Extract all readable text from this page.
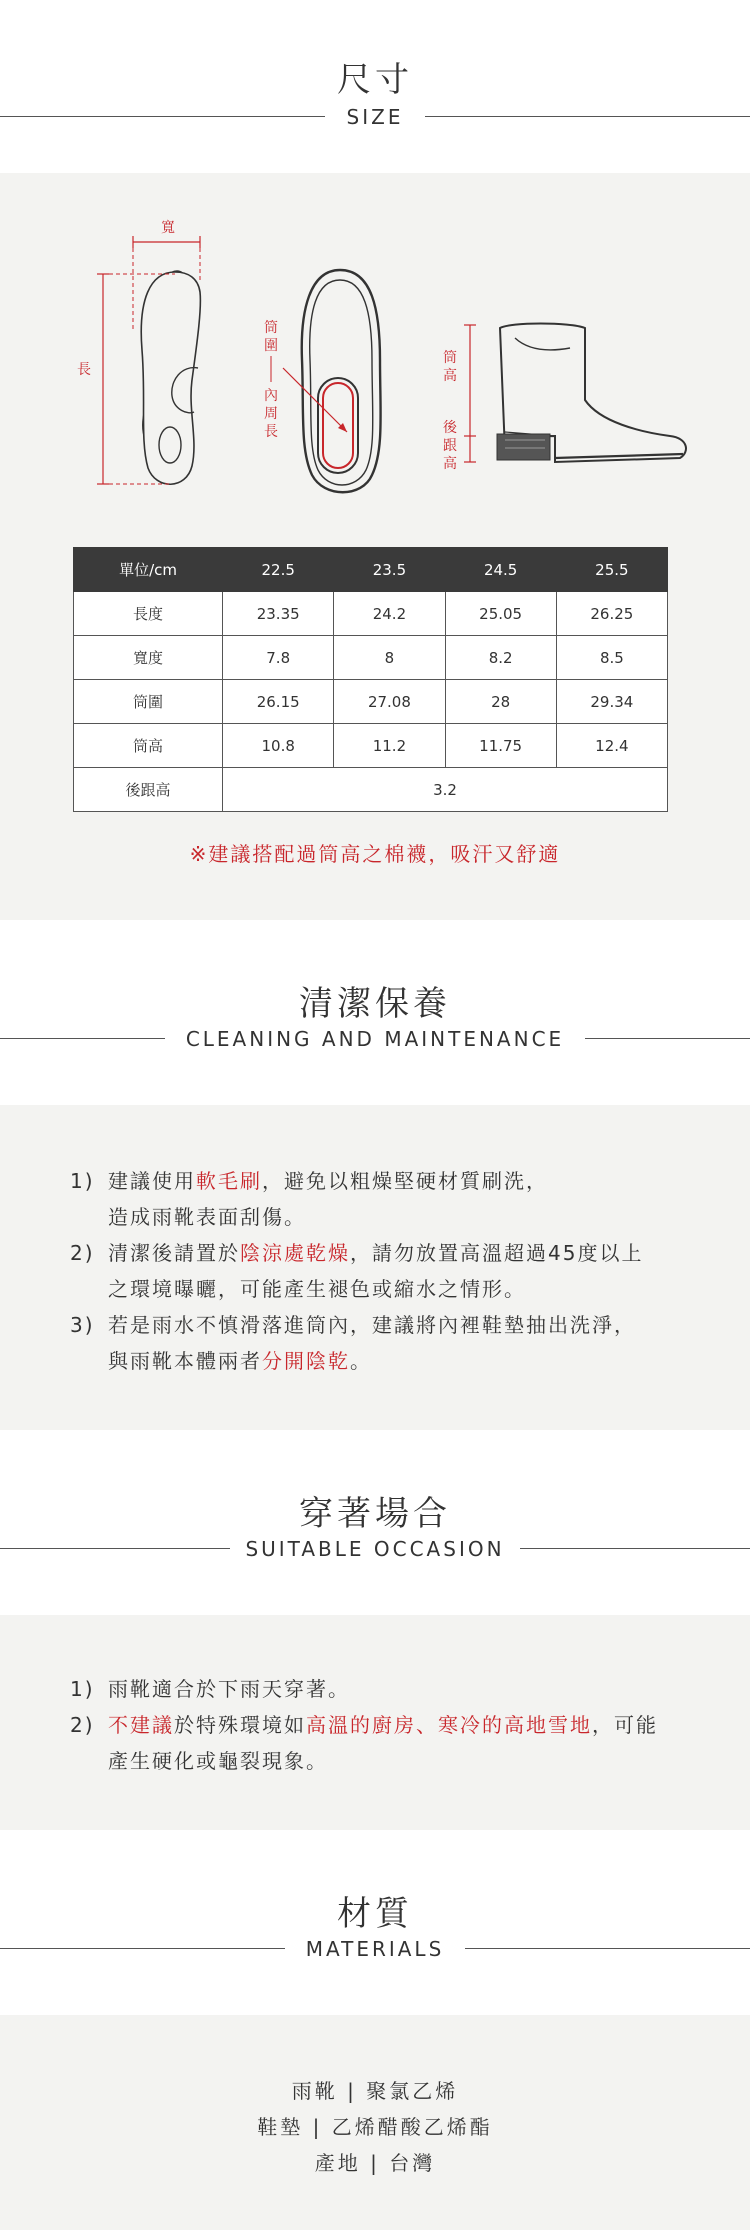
尺寸
SIZE
寬
長
筒圍
內周長
筒高
後跟高
單位/cm	22.5	23.5	24.5	25.5
長度	23.35	24.2	25.05	26.25
寬度	7.8	8	8.2	8.5
筒圍	26.15	27.08	28	29.34
筒高	10.8	11.2	11.75	12.4
後跟高	3.2			
※建議搭配過筒高之棉襪，吸汗又舒適
清潔保養
CLEANING AND MAINTENANCE
1) 建議使用軟毛刷，避免以粗燥堅硬材質刷洗，
造成雨靴表面刮傷。
2) 清潔後請置於陰涼處乾燥，請勿放置高溫超過45度以上
之環境曝曬，可能產生褪色或縮水之情形。
3) 若是雨水不慎滑落進筒內，建議將內裡鞋墊抽出洗淨，
與雨靴本體兩者分開陰乾。
穿著場合
SUITABLE OCCASION
1) 雨靴適合於下雨天穿著。
2) 不建議於特殊環境如高溫的廚房、寒冷的高地雪地，可能
產生硬化或龜裂現象。
材質
MATERIALS
雨靴 | 聚氯乙烯
鞋墊 | 乙烯醋酸乙烯酯
產地 | 台灣
